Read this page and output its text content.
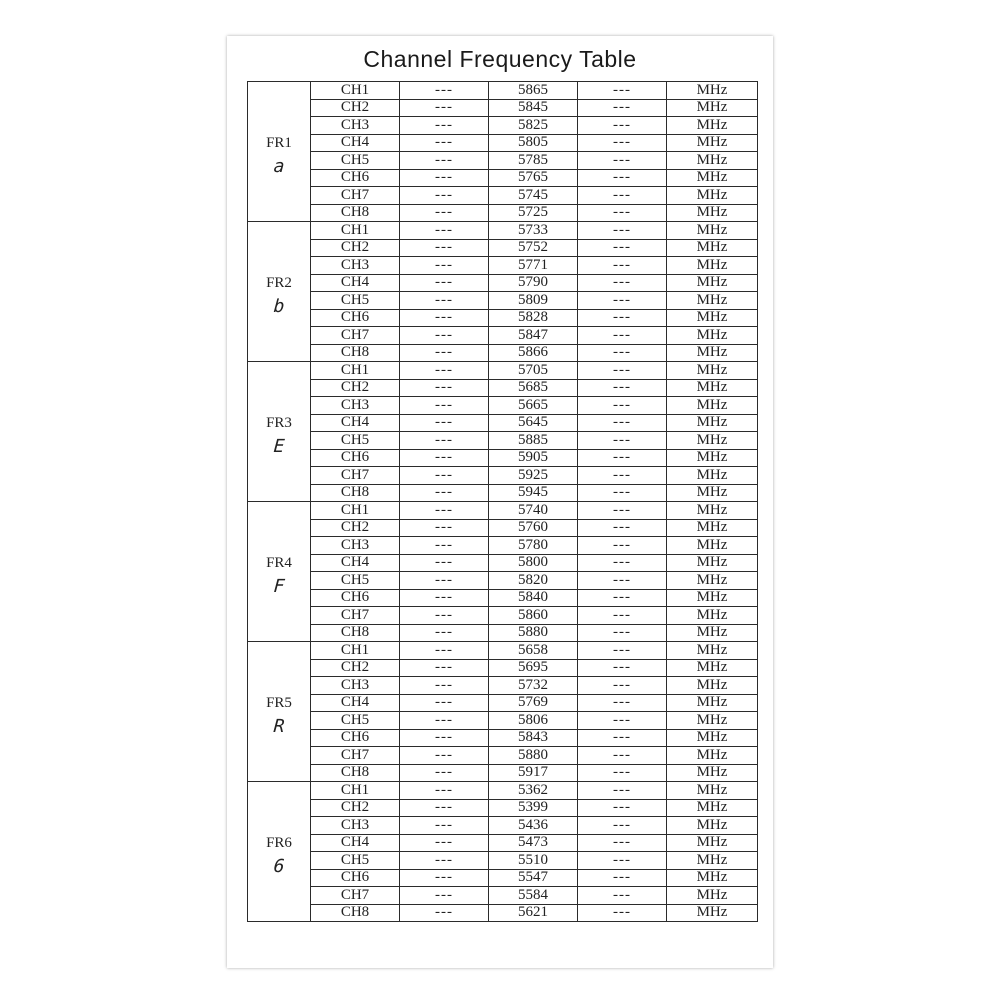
Channel Frequency Table
FR1
a	CH1	---	5865	---	MHz
	CH2	---	5845	---	MHz
	CH3	---	5825	---	MHz
	CH4	---	5805	---	MHz
	CH5	---	5785	---	MHz
	CH6	---	5765	---	MHz
	CH7	---	5745	---	MHz
	CH8	---	5725	---	MHz

FR2
b	CH1	---	5733	---	MHz
	CH2	---	5752	---	MHz
	CH3	---	5771	---	MHz
	CH4	---	5790	---	MHz
	CH5	---	5809	---	MHz
	CH6	---	5828	---	MHz
	CH7	---	5847	---	MHz
	CH8	---	5866	---	MHz

FR3
E	CH1	---	5705	---	MHz
	CH2	---	5685	---	MHz
	CH3	---	5665	---	MHz
	CH4	---	5645	---	MHz
	CH5	---	5885	---	MHz
	CH6	---	5905	---	MHz
	CH7	---	5925	---	MHz
	CH8	---	5945	---	MHz

FR4
F	CH1	---	5740	---	MHz
	CH2	---	5760	---	MHz
	CH3	---	5780	---	MHz
	CH4	---	5800	---	MHz
	CH5	---	5820	---	MHz
	CH6	---	5840	---	MHz
	CH7	---	5860	---	MHz
	CH8	---	5880	---	MHz

FR5
R	CH1	---	5658	---	MHz
	CH2	---	5695	---	MHz
	CH3	---	5732	---	MHz
	CH4	---	5769	---	MHz
	CH5	---	5806	---	MHz
	CH6	---	5843	---	MHz
	CH7	---	5880	---	MHz
	CH8	---	5917	---	MHz

FR6
6	CH1	---	5362	---	MHz
	CH2	---	5399	---	MHz
	CH3	---	5436	---	MHz
	CH4	---	5473	---	MHz
	CH5	---	5510	---	MHz
	CH6	---	5547	---	MHz
	CH7	---	5584	---	MHz
	CH8	---	5621	---	MHz
